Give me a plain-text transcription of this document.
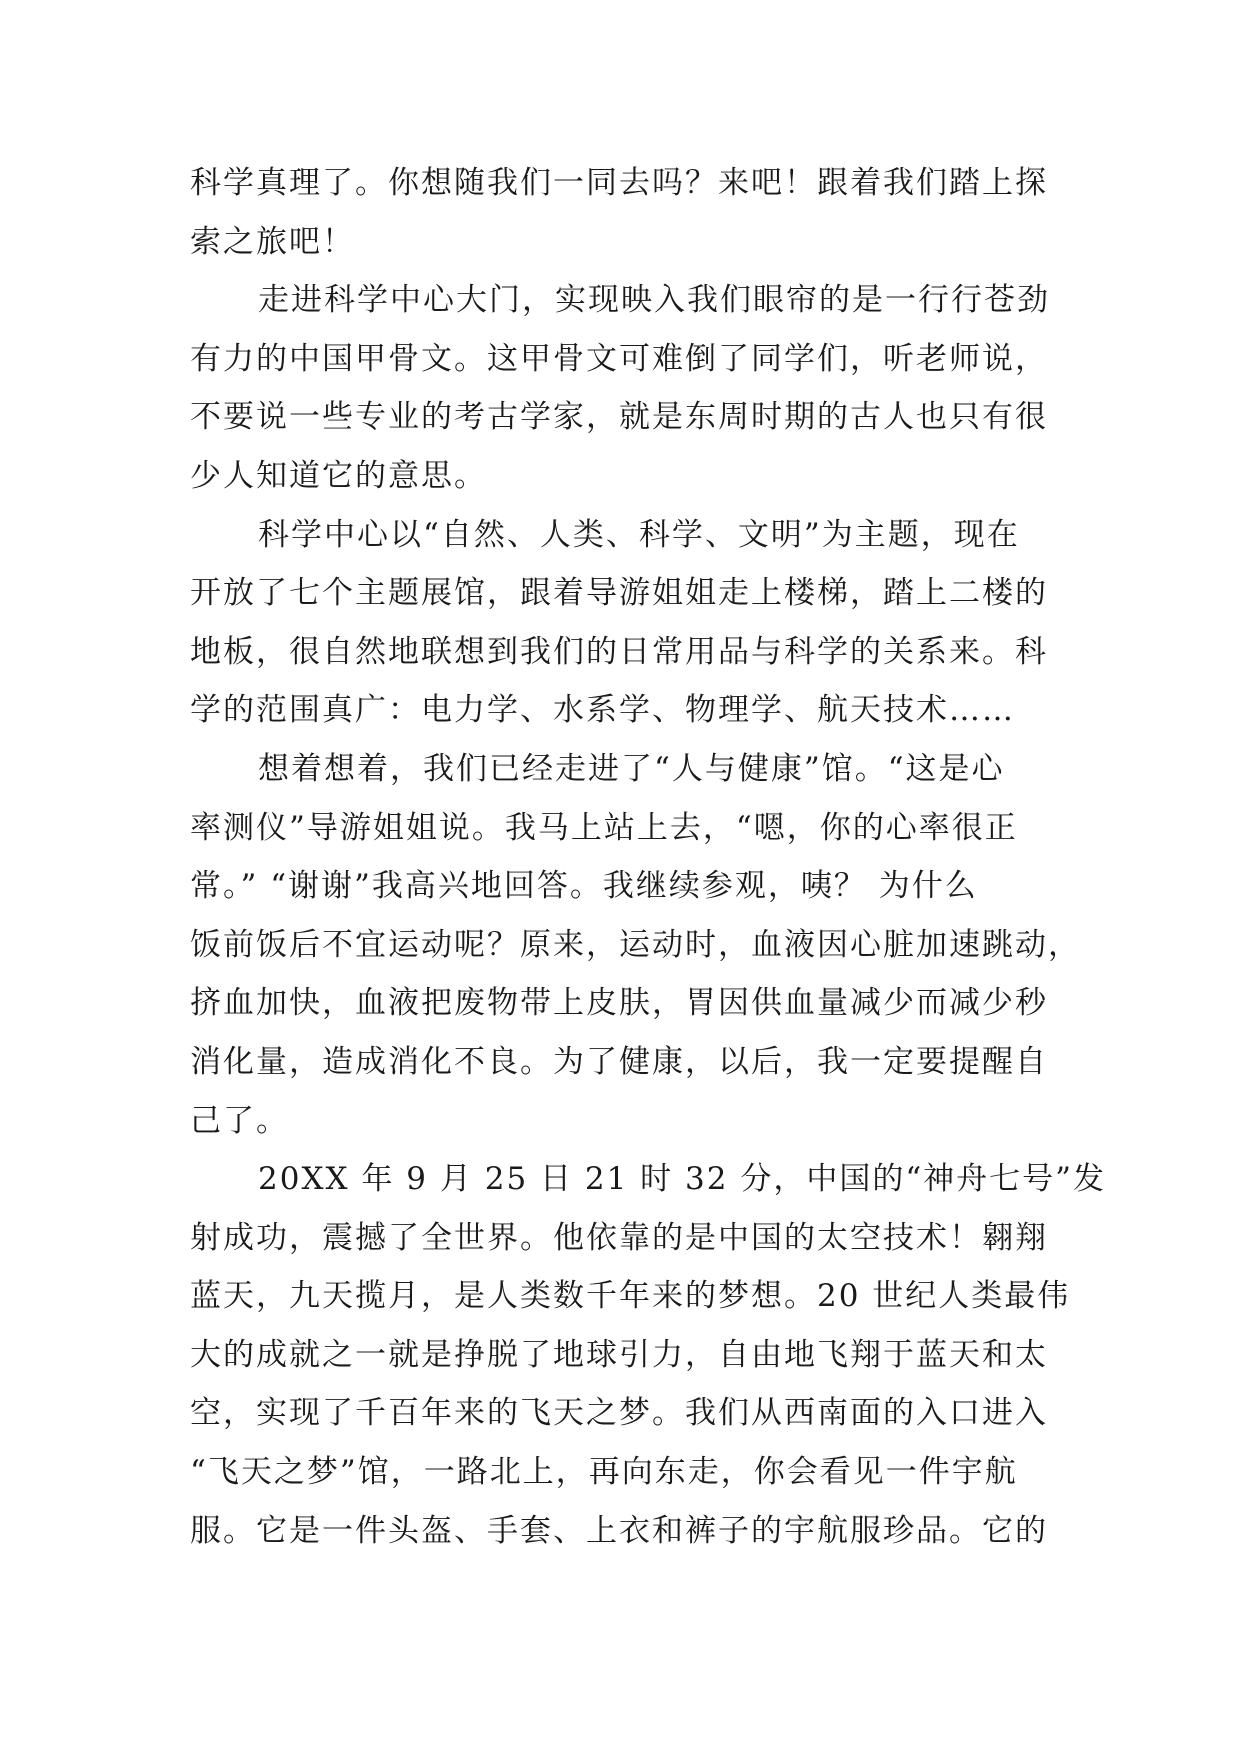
科学真理了。你想随我们一同去吗？来吧！跟着我们踏上探
索之旅吧！
走进科学中心大门，实现映入我们眼帘的是一行行苍劲
有力的中国甲骨文。这甲骨文可难倒了同学们，听老师说，
不要说一些专业的考古学家，就是东周时期的古人也只有很
少人知道它的意思。
科学中心以“自然、人类、科学、文明”为主题，现在
开放了七个主题展馆，跟着导游姐姐走上楼梯，踏上二楼的
地板，很自然地联想到我们的日常用品与科学的关系来。科
学的范围真广：电力学、水系学、物理学、航天技术……
想着想着，我们已经走进了“人与健康”馆。“这是心
率测仪”导游姐姐说。我马上站上去，“嗯，你的心率很正
常。” “谢谢”我高兴地回答。我继续参观，咦？ 为什么
饭前饭后不宜运动呢？原来，运动时，血液因心脏加速跳动，
挤血加快，血液把废物带上皮肤，胃因供血量减少而减少秒
消化量，造成消化不良。为了健康，以后，我一定要提醒自
己了。
20XX 年 9 月 25 日 21 时 32 分，中国的“神舟七号”发
射成功，震撼了全世界。他依靠的是中国的太空技术！翱翔
蓝天，九天揽月，是人类数千年来的梦想。20 世纪人类最伟
大的成就之一就是挣脱了地球引力，自由地飞翔于蓝天和太
空，实现了千百年来的飞天之梦。我们从西南面的入口进入
“飞天之梦”馆，一路北上，再向东走，你会看见一件宇航
服。它是一件头盔、手套、上衣和裤子的宇航服珍品。它的
